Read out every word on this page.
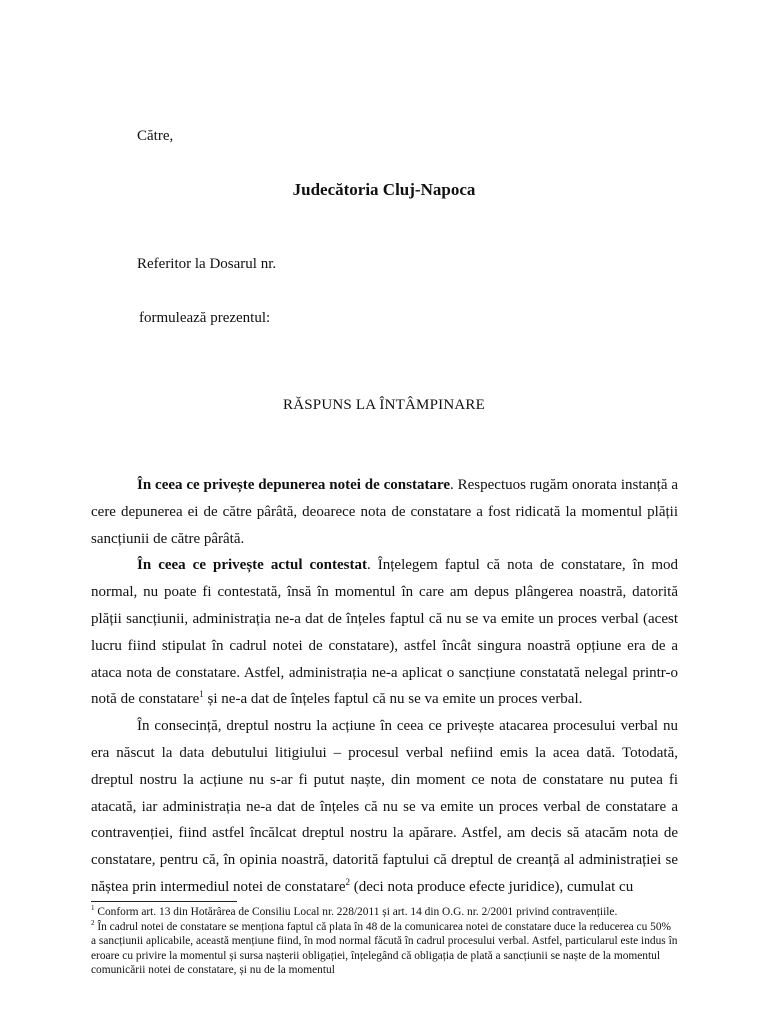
Către,
Judecătoria Cluj-Napoca
Referitor la Dosarul nr.
formulează prezentul:
RĂSPUNS LA ÎNTÂMPINARE

În ceea ce privește depunerea notei de constatare. Respectuos rugăm onorata instanță a cere depunerea ei de către pârâtă, deoarece nota de constatare a fost ridicată la momentul plății sancțiunii de către pârâtă.

În ceea ce privește actul contestat. Înțelegem faptul că nota de constatare, în mod normal, nu poate fi contestată, însă în momentul în care am depus plângerea noastră, datorită plății sancțiunii, administrația ne-a dat de înțeles faptul că nu se va emite un proces verbal (acest lucru fiind stipulat în cadrul notei de constatare), astfel încât singura noastră opțiune era de a ataca nota de constatare. Astfel, administrația ne-a aplicat o sancțiune constatată nelegal printr-o notă de constatare$^1$ și ne-a dat de înțeles faptul că nu se va emite un proces verbal.

În consecință, dreptul nostru la acțiune în ceea ce privește atacarea procesului verbal nu era născut la data debutului litigiului – procesul verbal nefiind emis la acea dată. Totodată, dreptul nostru la acțiune nu s-ar fi putut naște, din moment ce nota de constatare nu putea fi atacată, iar administrația ne-a dat de înțeles că nu se va emite un proces verbal de constatare a contravenției, fiind astfel încălcat dreptul nostru la apărare. Astfel, am decis să atacăm nota de constatare, pentru că, în opinia noastră, datorită faptului că dreptul de creanță al administrației se năștea prin intermediul notei de constatare$^2$ (deci nota produce efecte juridice), cumulat cu

$^1$ Conform art. 13 din Hotărârea de Consiliu Local nr. 228/2011 și art. 14 din O.G. nr. 2/2001 privind contravențiile.

$^2$ În cadrul notei de constatare se menționa faptul că plata în 48 de la comunicarea notei de constatare duce la reducerea cu 50% a sancțiunii aplicabile, această mențiune fiind, în mod normal făcută în cadrul procesului verbal. Astfel, particularul este indus în eroare cu privire la momentul și sursa nașterii obligației, înțelegând că obligația de plată a sancțiunii se naște de la momentul comunicării notei de constatare, și nu de la momentul
